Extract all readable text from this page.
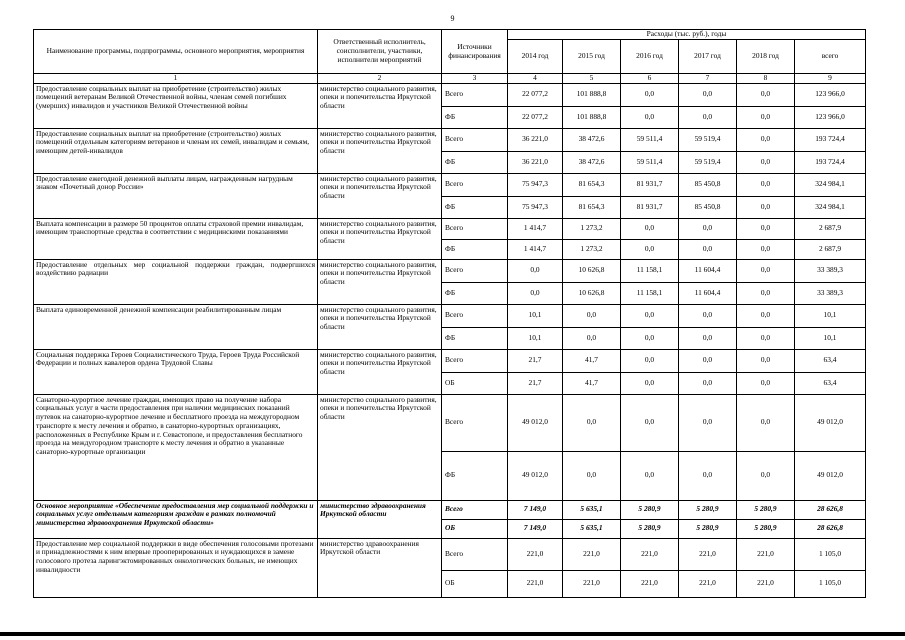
9
Наименование программы, подпрограммы, основного мероприятия, мероприятия	Ответственный исполнитель, соисполнители, участники, исполнители мероприятий	Источники финансирования	Расходы (тыс. руб.), годы					
			2014 год	2015 год	2016 год	2017 год	2018 год	всего
1	2	3	4	5	6	7	8	9
Предоставление социальных выплат на приобретение (строительство) жилых помещений ветеранам Великой Отечественной войны, членам семей погибших (умерших) инвалидов и участников Великой Отечественной войны	министерство социального развития, опеки и попечительства Иркутской области	Всего	22 077,2	101 888,8	0,0	0,0	0,0	123 966,0
		ФБ	22 077,2	101 888,8	0,0	0,0	0,0	123 966,0
Предоставление социальных выплат на приобретение (строительство) жилых помещений отдельным категориям ветеранов и членам их семей, инвалидам и семьям, имеющим детей-инвалидов	министерство социального развития, опеки и попечительства Иркутской области	Всего	36 221,0	38 472,6	59 511,4	59 519,4	0,0	193 724,4
		ФБ	36 221,0	38 472,6	59 511,4	59 519,4	0,0	193 724,4
Предоставление ежегодной денежной выплаты лицам, награжденным нагрудным знаком «Почетный донор России»	министерство социального развития, опеки и попечительства Иркутской области	Всего	75 947,3	81 654,3	81 931,7	85 450,8	0,0	324 984,1
		ФБ	75 947,3	81 654,3	81 931,7	85 450,8	0,0	324 984,1
Выплата компенсации в размере 50 процентов оплаты страховой премии инвалидам, имеющим транспортные средства в соответствии с медицинскими показаниями	министерство социального развития, опеки и попечительства Иркутской области	Всего	1 414,7	1 273,2	0,0	0,0	0,0	2 687,9
		ФБ	1 414,7	1 273,2	0,0	0,0	0,0	2 687,9
Предоставление отдельных мер социальной поддержки граждан, подвергшихся воздействию радиации	министерство социального развития, опеки и попечительства Иркутской области	Всего	0,0	10 626,8	11 158,1	11 604,4	0,0	33 389,3
		ФБ	0,0	10 626,8	11 158,1	11 604,4	0,0	33 389,3
Выплата единовременной денежной компенсации реабилитированным лицам	министерство социального развития, опеки и попечительства Иркутской области	Всего	10,1	0,0	0,0	0,0	0,0	10,1
		ФБ	10,1	0,0	0,0	0,0	0,0	10,1
Социальная поддержка Героев Социалистического Труда, Героев Труда Российской Федерации и полных кавалеров ордена Трудовой Славы	министерство социального развития, опеки и попечительства Иркутской области	Всего	21,7	41,7	0,0	0,0	0,0	63,4
		ОБ	21,7	41,7	0,0	0,0	0,0	63,4
Санаторно-курортное лечение граждан, имеющих право на получение набора социальных услуг в части предоставления при наличии медицинских показаний путевок на санаторно-курортное лечение и бесплатного проезда на междугородном транспорте к месту лечения и обратно, в санаторно-курортных организациях, расположенных в Республике Крым и г. Севастополе, и предоставления бесплатного проезда на междугородном транспорте к месту лечения и обратно в указанные санаторно-курортные организации	министерство социального развития, опеки и попечительства Иркутской области	Всего	49 012,0	0,0	0,0	0,0	0,0	49 012,0
		ФБ	49 012,0	0,0	0,0	0,0	0,0	49 012,0
Основное мероприятие «Обеспечение предоставления мер социальной поддержки и социальных услуг отдельным категориям граждан в рамках полномочий министерства здравоохранения Иркутской области»	министерство здравоохранения Иркутской области	Всего	7 149,0	5 635,1	5 280,9	5 280,9	5 280,9	28 626,8
		ОБ	7 149,0	5 635,1	5 280,9	5 280,9	5 280,9	28 626,8
Предоставление мер социальной поддержки в виде обеспечения голосовыми протезами и принадлежностями к ним впервые прооперированных и нуждающихся в замене голосового протеза ларингэктомированных онкологических больных, не имеющих инвалидности	министерство здравоохранения Иркутской области	Всего	221,0	221,0	221,0	221,0	221,0	1 105,0
		ОБ	221,0	221,0	221,0	221,0	221,0	1 105,0
